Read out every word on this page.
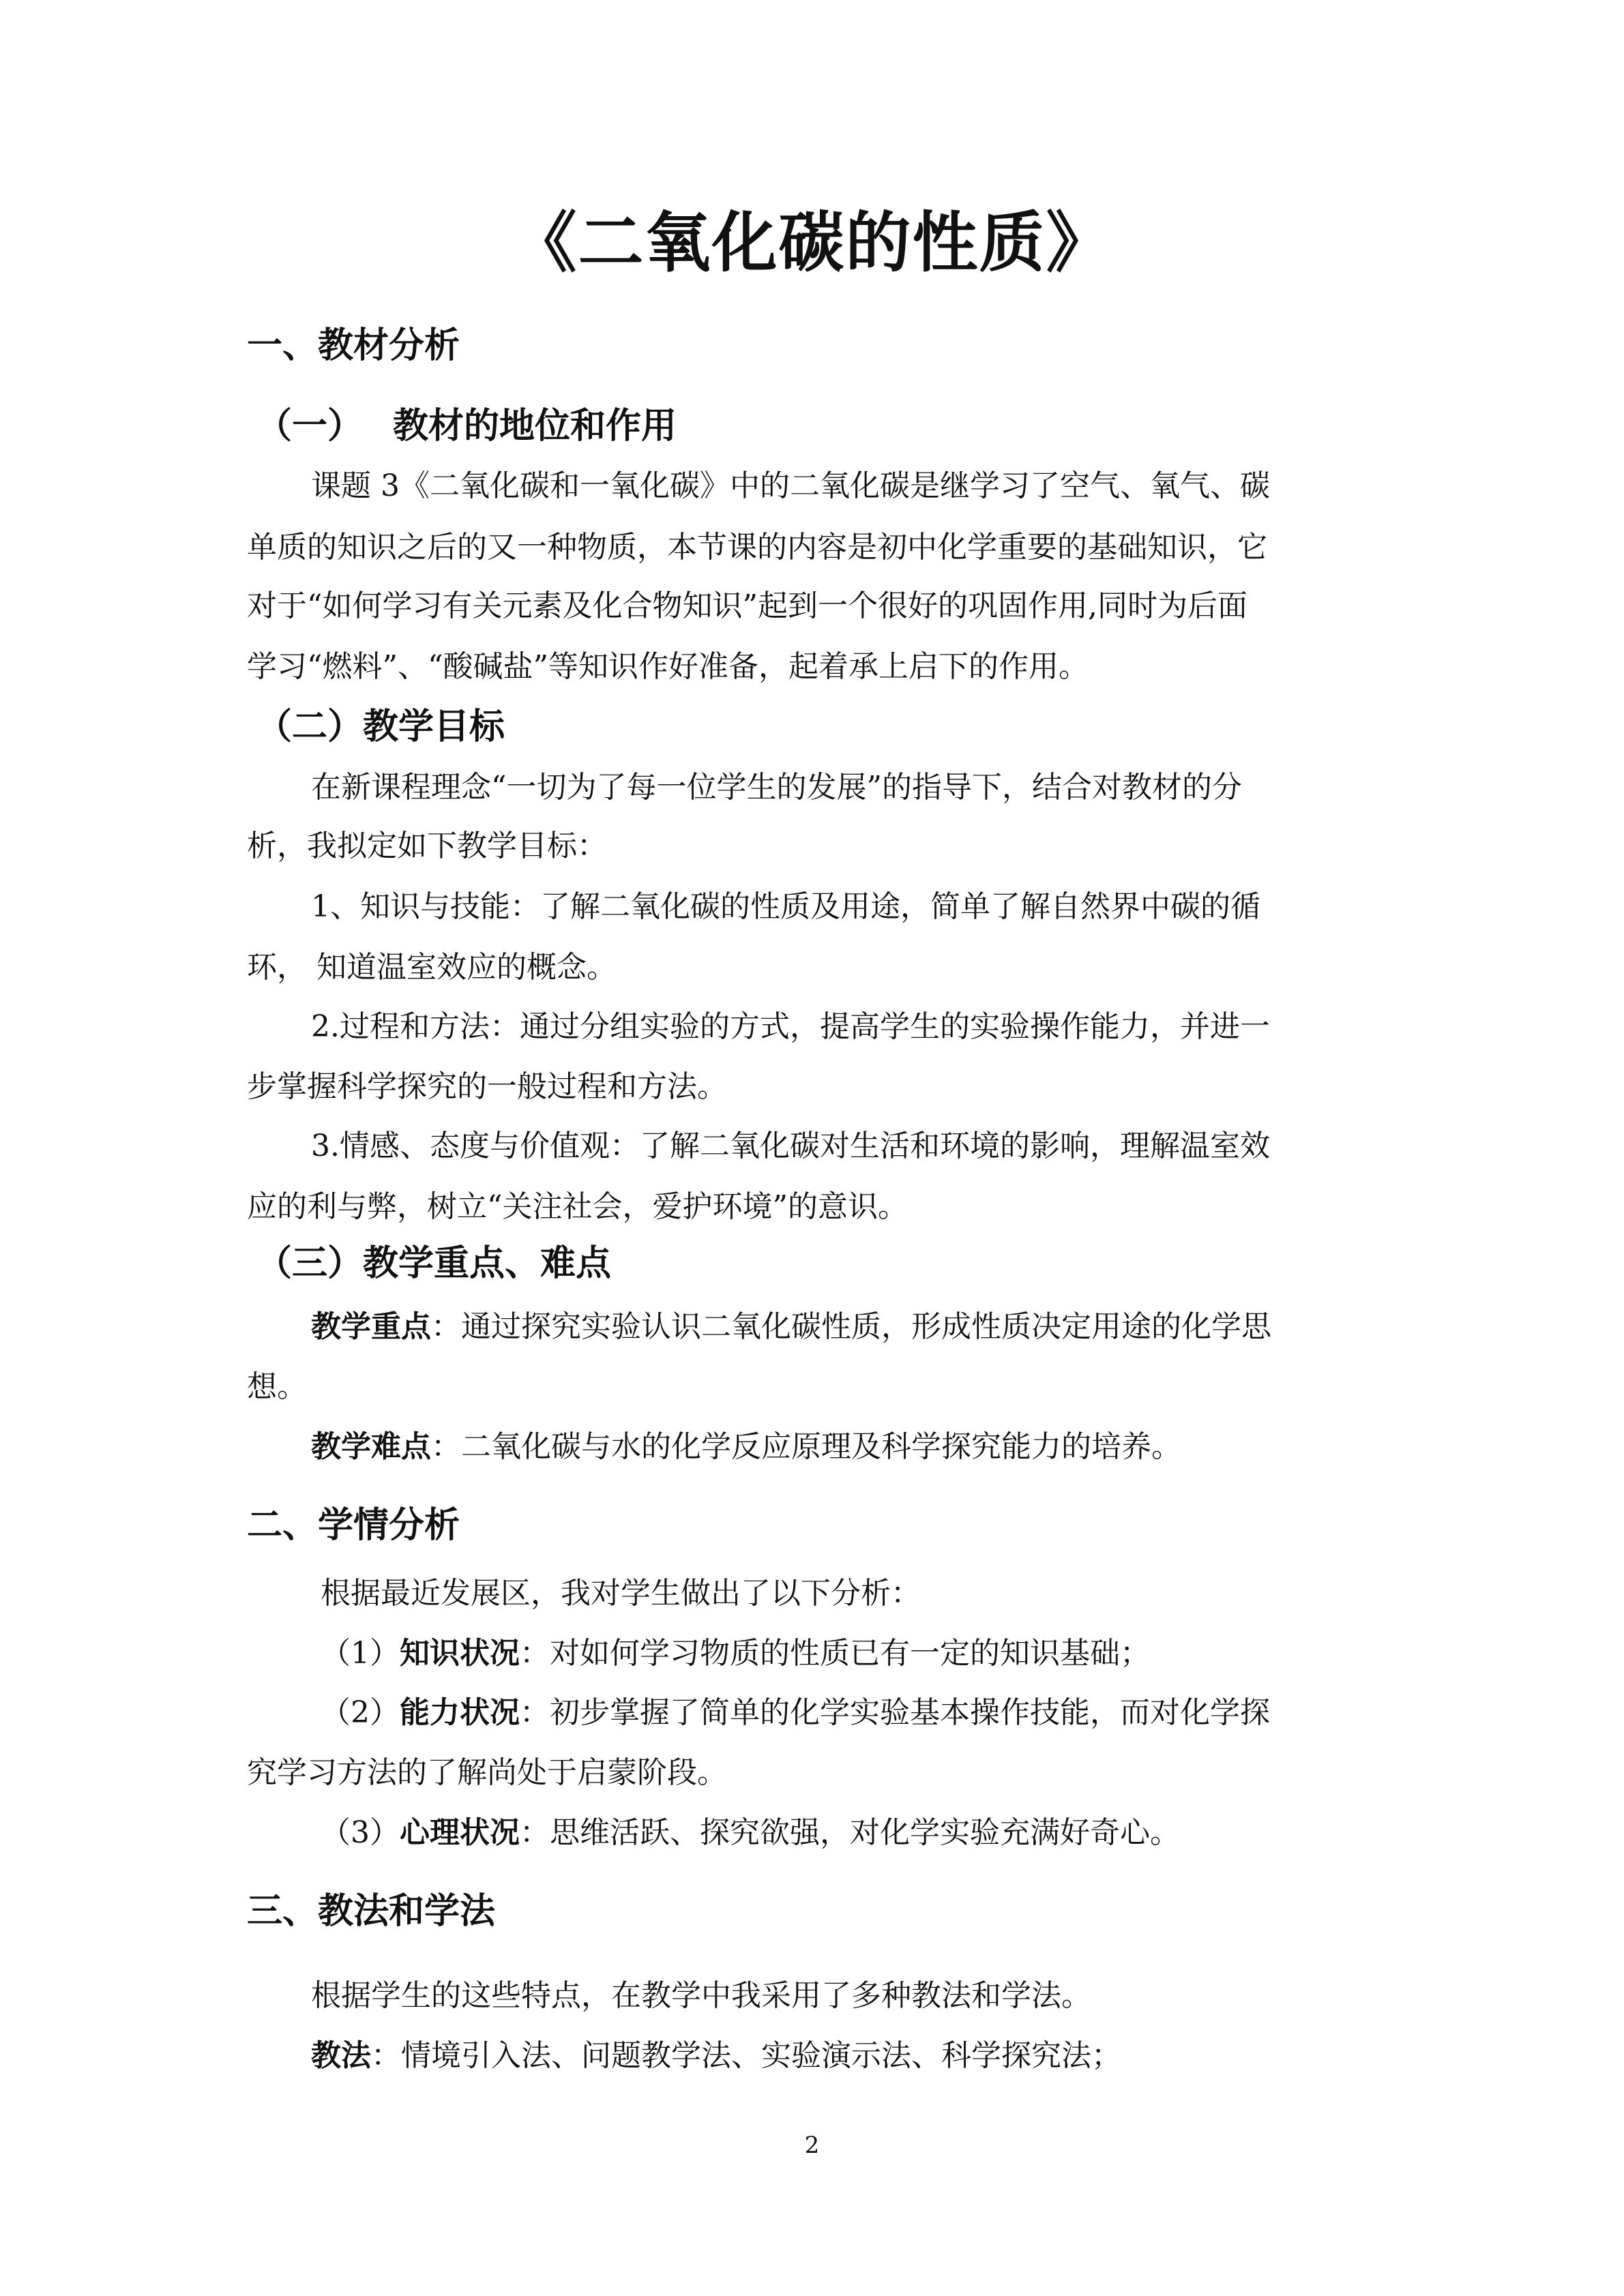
《二氧化碳的性质》
一、教材分析
（一） 教材的地位和作用
课题 3《二氧化碳和一氧化碳》中的二氧化碳是继学习了空气、氧气、碳
单质的知识之后的又一种物质，本节课的内容是初中化学重要的基础知识，它
对于“如何学习有关元素及化合物知识”起到一个很好的巩固作用,同时为后面
学习“燃料”、“酸碱盐”等知识作好准备，起着承上启下的作用。
（二）教学目标
在新课程理念“一切为了每一位学生的发展”的指导下，结合对教材的分
析，我拟定如下教学目标：
1、知识与技能：了解二氧化碳的性质及用途，简单了解自然界中碳的循
环， 知道温室效应的概念。
2.过程和方法：通过分组实验的方式，提高学生的实验操作能力，并进一
步掌握科学探究的一般过程和方法。
3.情感、态度与价值观：了解二氧化碳对生活和环境的影响，理解温室效
应的利与弊，树立“关注社会，爱护环境”的意识。
（三）教学重点、难点
教学重点：通过探究实验认识二氧化碳性质，形成性质决定用途的化学思
想。
教学难点：二氧化碳与水的化学反应原理及科学探究能力的培养。
二、学情分析
根据最近发展区，我对学生做出了以下分析：
（1）知识状况：对如何学习物质的性质已有一定的知识基础；
（2）能力状况：初步掌握了简单的化学实验基本操作技能，而对化学探
究学习方法的了解尚处于启蒙阶段。
（3）心理状况：思维活跃、探究欲强，对化学实验充满好奇心。
三、教法和学法
根据学生的这些特点，在教学中我采用了多种教法和学法。
教法：情境引入法、问题教学法、实验演示法、科学探究法；
2
